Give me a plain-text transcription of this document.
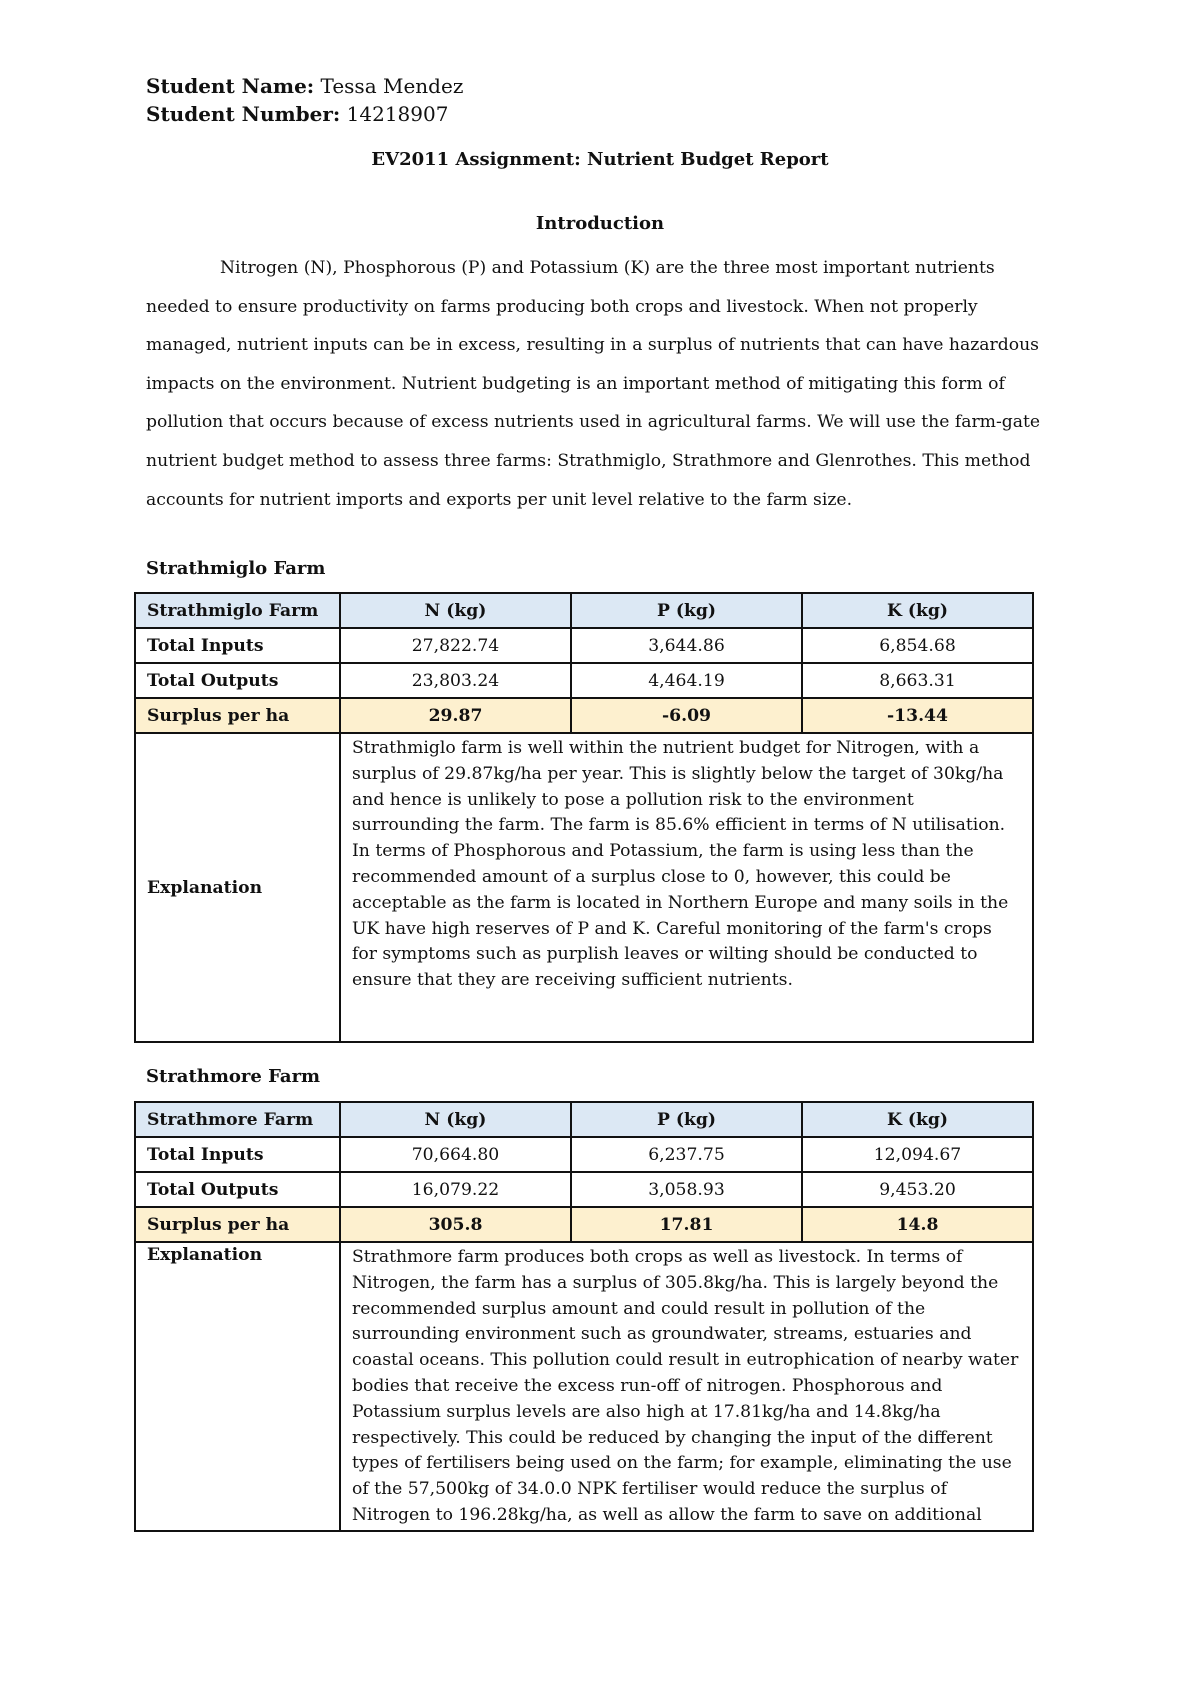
Student Name: Tessa Mendez
Student Number: 14218907
EV2011 Assignment: Nutrient Budget Report
Introduction

Nitrogen (N), Phosphorous (P) and Potassium (K) are the three most important nutrients needed to ensure productivity on farms producing both crops and livestock. When not properly managed, nutrient inputs can be in excess, resulting in a surplus of nutrients that can have hazardous impacts on the environment. Nutrient budgeting is an important method of mitigating this form of pollution that occurs because of excess nutrients used in agricultural farms. We will use the farm-gate nutrient budget method to assess three farms: Strathmiglo, Strathmore and Glenrothes. This method accounts for nutrient imports and exports per unit level relative to the farm size.

Strathmiglo Farm
Strathmiglo Farm	N (kg)	P (kg)	K (kg)
Total Inputs	27,822.74	3,644.86	6,854.68
Total Outputs	23,803.24	4,464.19	8,663.31
Surplus per ha	29.87	-6.09	-13.44
Explanation	Strathmiglo farm is well within the nutrient budget for Nitrogen, with a surplus of 29.87kg/ha per year. This is slightly below the target of 30kg/ha and hence is unlikely to pose a pollution risk to the environment surrounding the farm. The farm is 85.6% efficient in terms of N utilisation. In terms of Phosphorous and Potassium, the farm is using less than the recommended amount of a surplus close to 0, however, this could be acceptable as the farm is located in Northern Europe and many soils in the UK have high reserves of P and K. Careful monitoring of the farm's crops for symptoms such as purplish leaves or wilting should be conducted to ensure that they are receiving sufficient nutrients.		
Strathmore Farm
Strathmore Farm	N (kg)	P (kg)	K (kg)
Total Inputs	70,664.80	6,237.75	12,094.67
Total Outputs	16,079.22	3,058.93	9,453.20
Surplus per ha	305.8	17.81	14.8
Explanation	Strathmore farm produces both crops as well as livestock. In terms of Nitrogen, the farm has a surplus of 305.8kg/ha. This is largely beyond the recommended surplus amount and could result in pollution of the surrounding environment such as groundwater, streams, estuaries and coastal oceans. This pollution could result in eutrophication of nearby water bodies that receive the excess run-off of nitrogen. Phosphorous and Potassium surplus levels are also high at 17.81kg/ha and 14.8kg/ha respectively. This could be reduced by changing the input of the different types of fertilisers being used on the farm; for example, eliminating the use of the 57,500kg of 34.0.0 NPK fertiliser would reduce the surplus of Nitrogen to 196.28kg/ha, as well as allow the farm to save on additional		
